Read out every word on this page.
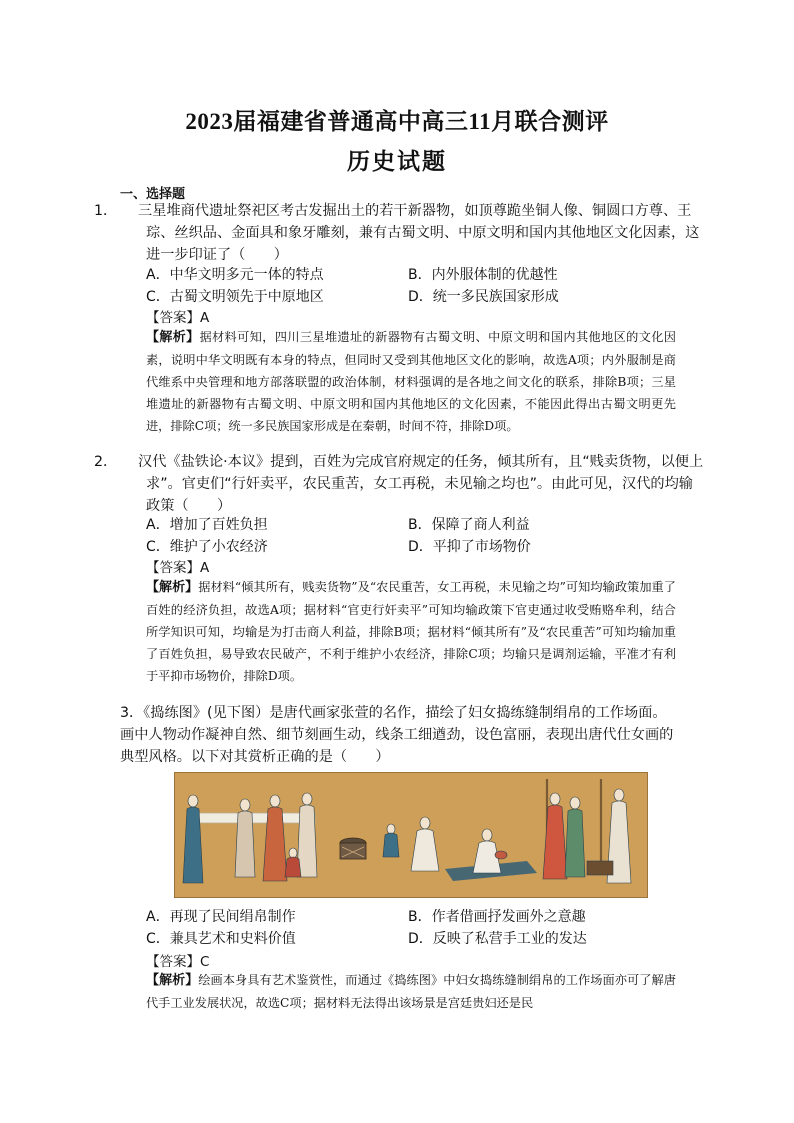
2023届福建省普通高中高三11月联合测评
历史试题
一、选择题
1． 三星堆商代遗址祭祀区考古发掘出土的若干新器物，如顶尊跪坐铜人像、铜圆口方尊、王琮、丝织品、金面具和象牙雕刻，兼有古蜀文明、中原文明和国内其他地区文化因素，这进一步印证了（　　）
A．中华文明多元一体的特点	B．内外服体制的优越性
C．古蜀文明领先于中原地区	D．统一多民族国家形成
【答案】A
【解析】据材料可知，四川三星堆遗址的新器物有古蜀文明、中原文明和国内其他地区的文化因素，说明中华文明既有本身的特点，但同时又受到其他地区文化的影响，故选A项；内外服制是商代维系中央管理和地方部落联盟的政治体制，材料强调的是各地之间文化的联系，排除B项；三星堆遗址的新器物有古蜀文明、中原文明和国内其他地区的文化因素，不能因此得出古蜀文明更先进，排除C项；统一多民族国家形成是在秦朝，时间不符，排除D项。
2． 汉代《盐铁论·本议》提到，百姓为完成官府规定的任务，倾其所有，且“贱卖货物，以便上求”。官吏们“行奸卖平，农民重苦，女工再税，未见输之均也”。由此可见，汉代的均输政策（　　）
A．增加了百姓负担	B．保障了商人利益
C．维护了小农经济	D．平抑了市场物价
【答案】A
【解析】据材料“倾其所有，贱卖货物”及“农民重苦，女工再税，未见输之均”可知均输政策加重了百姓的经济负担，故选A项；据材料“官吏行奸卖平”可知均输政策下官吏通过收受贿赂牟利，结合所学知识可知，均输是为打击商人利益，排除B项；据材料“倾其所有”及“农民重苦”可知均输加重了百姓负担，易导致农民破产，不利于维护小农经济，排除C项；均输只是调剂运输，平准才有利于平抑市场物价，排除D项。
3．《捣练图》(见下图）是唐代画家张萱的名作，描绘了妇女捣练缝制绢帛的工作场面。画中人物动作凝神自然、细节刻画生动，线条工细遒劲，设色富丽，表现出唐代仕女画的典型风格。以下对其赏析正确的是（　　）
A．再现了民间绢帛制作	B．作者借画抒发画外之意趣
C．兼具艺术和史料价值	D．反映了私营手工业的发达
【答案】C
【解析】绘画本身具有艺术鉴赏性，而通过《捣练图》中妇女捣练缝制绢帛的工作场面亦可了解唐代手工业发展状况，故选C项；据材料无法得出该场景是宫廷贵妇还是民
